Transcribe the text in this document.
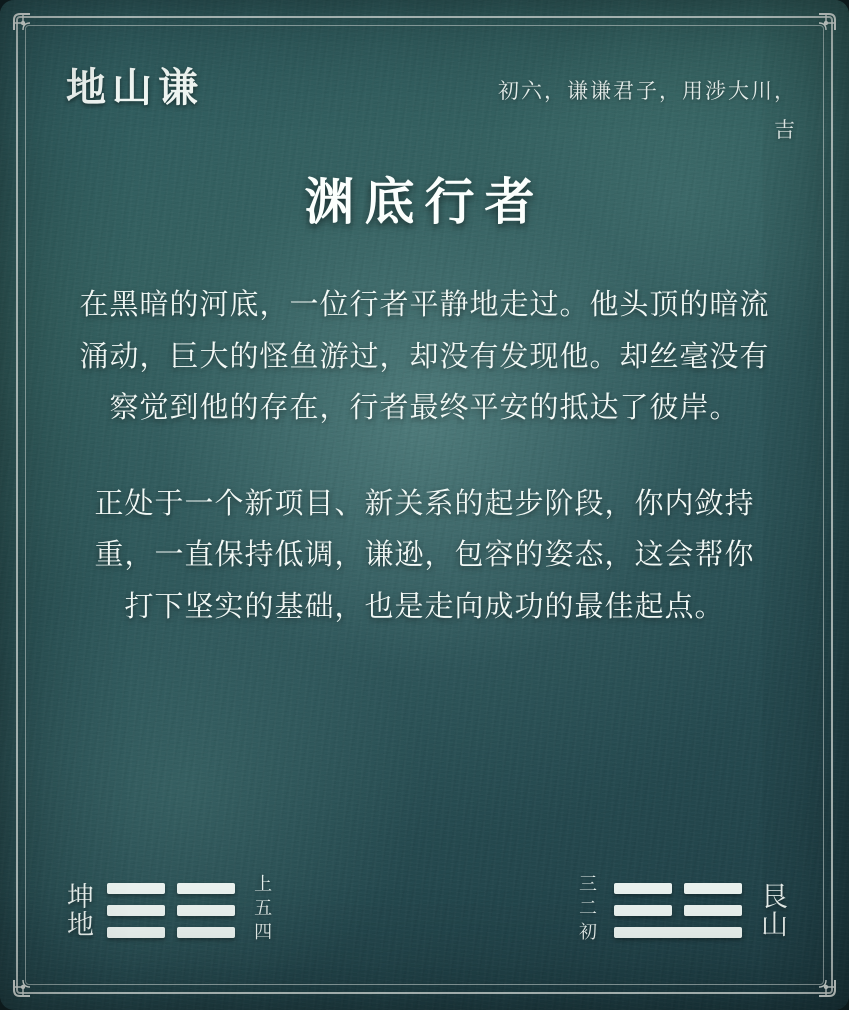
地山谦	初六，谦谦君子，用涉大川，吉
渊底行者
在黑暗的河底，一位行者平静地走过。他头顶的暗流涌动，巨大的怪鱼游过，却没有发现他。却丝毫没有察觉到他的存在，行者最终平安的抵达了彼岸。
正处于一个新项目、新关系的起步阶段，你内敛持重，一直保持低调，谦逊，包容的姿态，这会帮你打下坚实的基础，也是走向成功的最佳起点。
坤地	上五四	三二初	艮山
